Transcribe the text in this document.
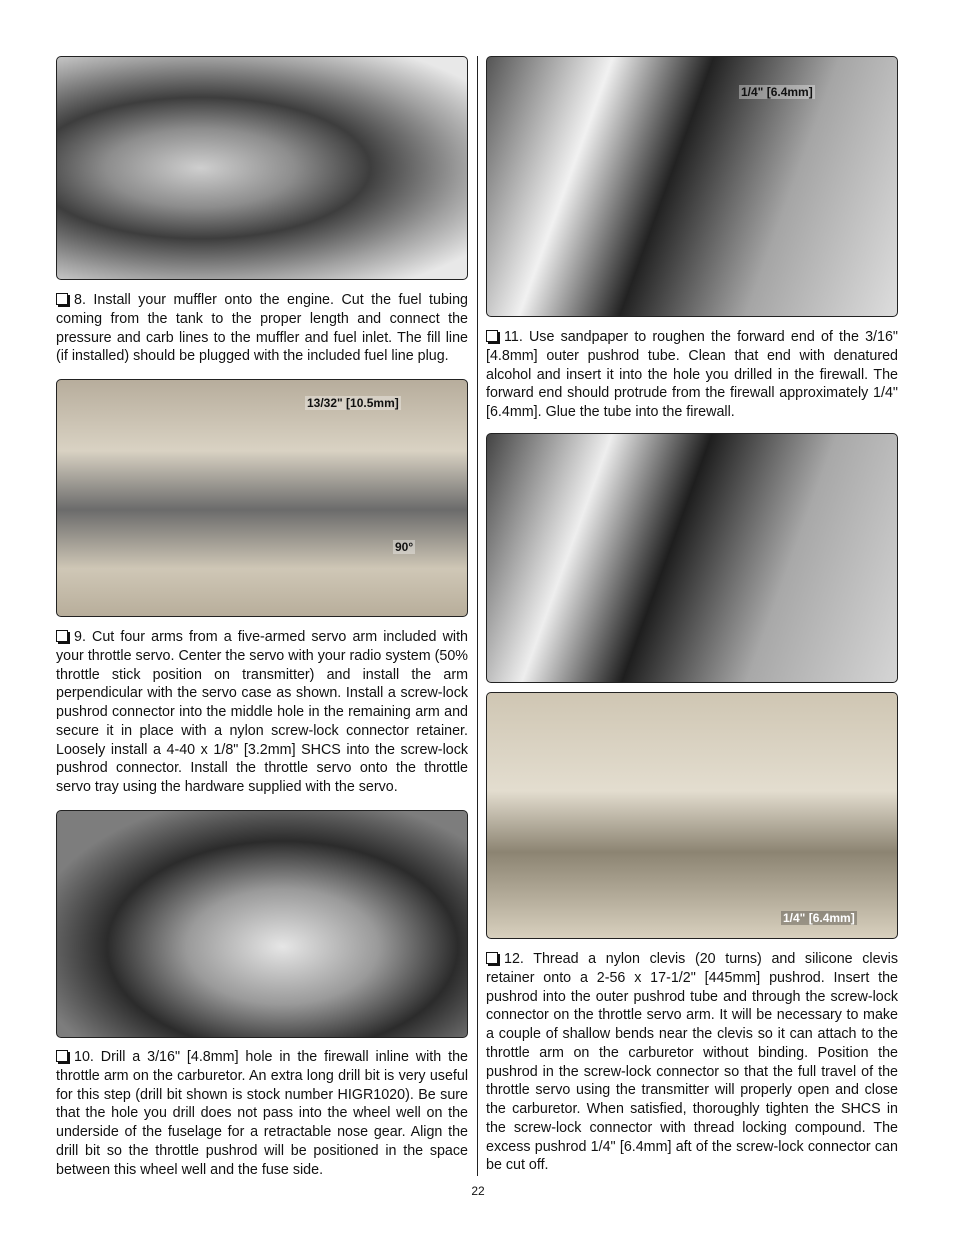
8. Install your muffler onto the engine. Cut the fuel tubing coming from the tank to the proper length and connect the pressure and carb lines to the muffler and fuel inlet. The fill line (if installed) should be plugged with the included fuel line plug.

13/32" [10.5mm]
90°

9. Cut four arms from a five-armed servo arm included with your throttle servo. Center the servo with your radio system (50% throttle stick position on transmitter) and install the arm perpendicular with the servo case as shown. Install a screw-lock pushrod connector into the middle hole in the remaining arm and secure it in place with a nylon screw-lock connector retainer. Loosely install a 4-40 x 1/8" [3.2mm] SHCS into the screw-lock pushrod connector. Install the throttle servo onto the throttle servo tray using the hardware supplied with the servo.

10. Drill a 3/16" [4.8mm] hole in the firewall inline with the throttle arm on the carburetor. An extra long drill bit is very useful for this step (drill bit shown is stock number HIGR1020). Be sure that the hole you drill does not pass into the wheel well on the underside of the fuselage for a retractable nose gear. Align the drill bit so the throttle pushrod will be positioned in the space between this wheel well and the fuse side.

1/4" [6.4mm]

11. Use sandpaper to roughen the forward end of the 3/16" [4.8mm] outer pushrod tube. Clean that end with denatured alcohol and insert it into the hole you drilled in the firewall. The forward end should protrude from the firewall approximately 1/4" [6.4mm]. Glue the tube into the firewall.

1/4" [6.4mm]

12. Thread a nylon clevis (20 turns) and silicone clevis retainer onto a 2-56 x 17-1/2" [445mm] pushrod. Insert the pushrod into the outer pushrod tube and through the screw-lock connector on the throttle servo arm. It will be necessary to make a couple of shallow bends near the clevis so it can attach to the throttle arm on the carburetor without binding. Position the pushrod in the screw-lock connector so that the full travel of the throttle servo using the transmitter will properly open and close the carburetor. When satisfied, thoroughly tighten the SHCS in the screw-lock connector with thread locking compound. The excess pushrod 1/4" [6.4mm] aft of the screw-lock connector can be cut off.

22
